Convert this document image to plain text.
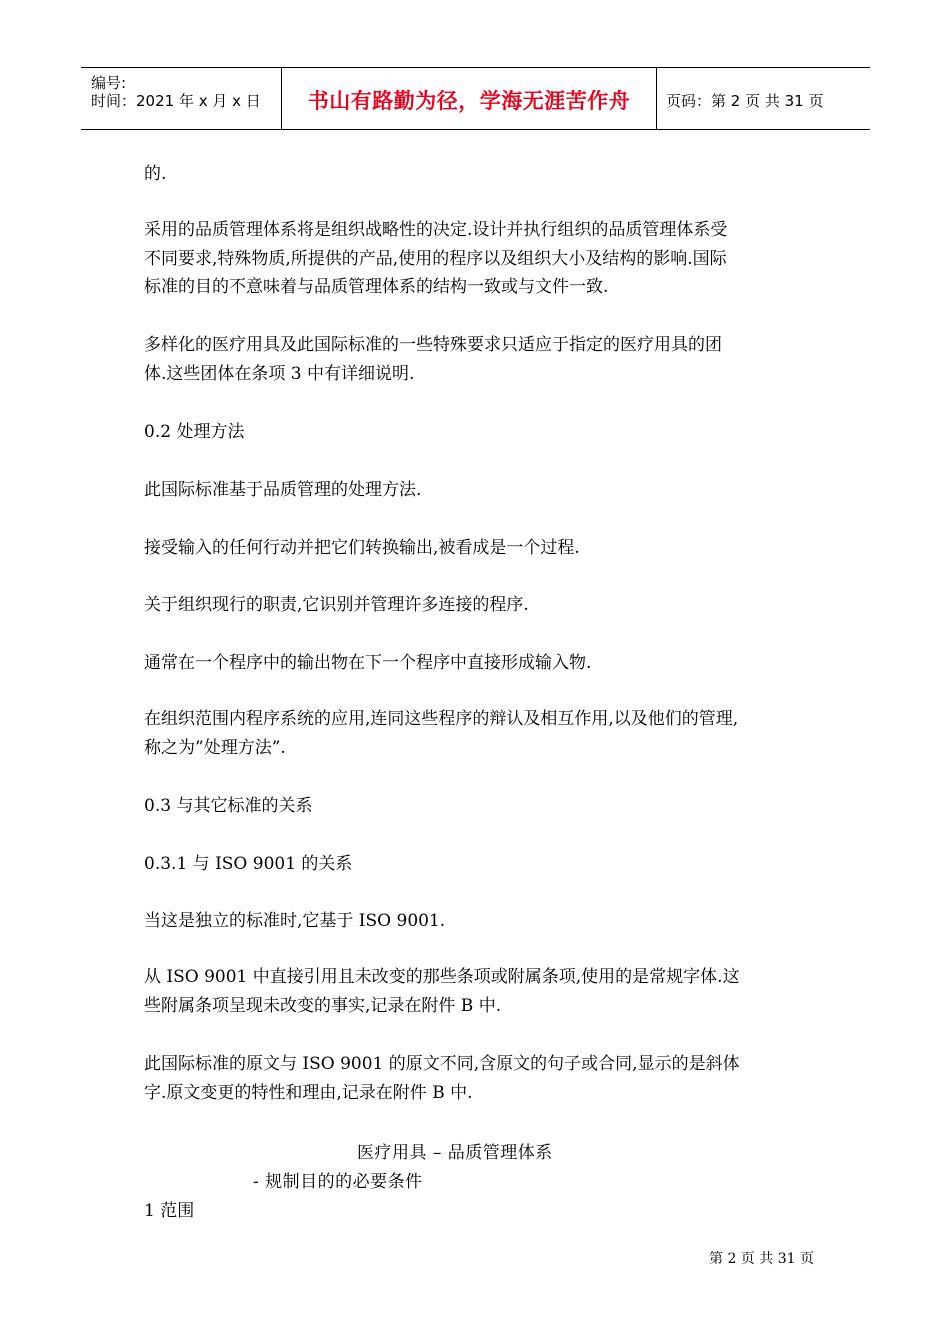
编号:
时间：2021 年 x 月 x 日	书山有路勤为径，学海无涯苦作舟	页码：第 2 页 共 31 页

的.

采用的品质管理体系将是组织战略性的决定.设计并执行组织的品质管理体系受
不同要求,特殊物质,所提供的产品,使用的程序以及组织大小及结构的影响.国际
标准的目的不意味着与品质管理体系的结构一致或与文件一致.
多样化的医疗用具及此国际标准的一些特殊要求只适应于指定的医疗用具的团
体.这些团体在条项 3 中有详细说明.

0.2 处理方法

此国际标准基于品质管理的处理方法.

接受输入的任何行动并把它们转换输出,被看成是一个过程.

关于组织现行的职责,它识别并管理许多连接的程序.

通常在一个程序中的输出物在下一个程序中直接形成输入物.

在组织范围内程序系统的应用,连同这些程序的辩认及相互作用,以及他们的管理,
称之为”处理方法”.

0.3 与其它标准的关系

0.3.1 与 ISO 9001 的关系

当这是独立的标准时,它基于 ISO 9001.

从 ISO 9001 中直接引用且未改变的那些条项或附属条项,使用的是常规字体.这
些附属条项呈现未改变的事实,记录在附件 B 中.
此国际标准的原文与 ISO 9001 的原文不同,含原文的句子或合同,显示的是斜体
字.原文变更的特性和理由,记录在附件 B 中.
医疗用具 – 品质管理体系
- 规制目的的必要条件
1 范围
第 2 页 共 31 页
